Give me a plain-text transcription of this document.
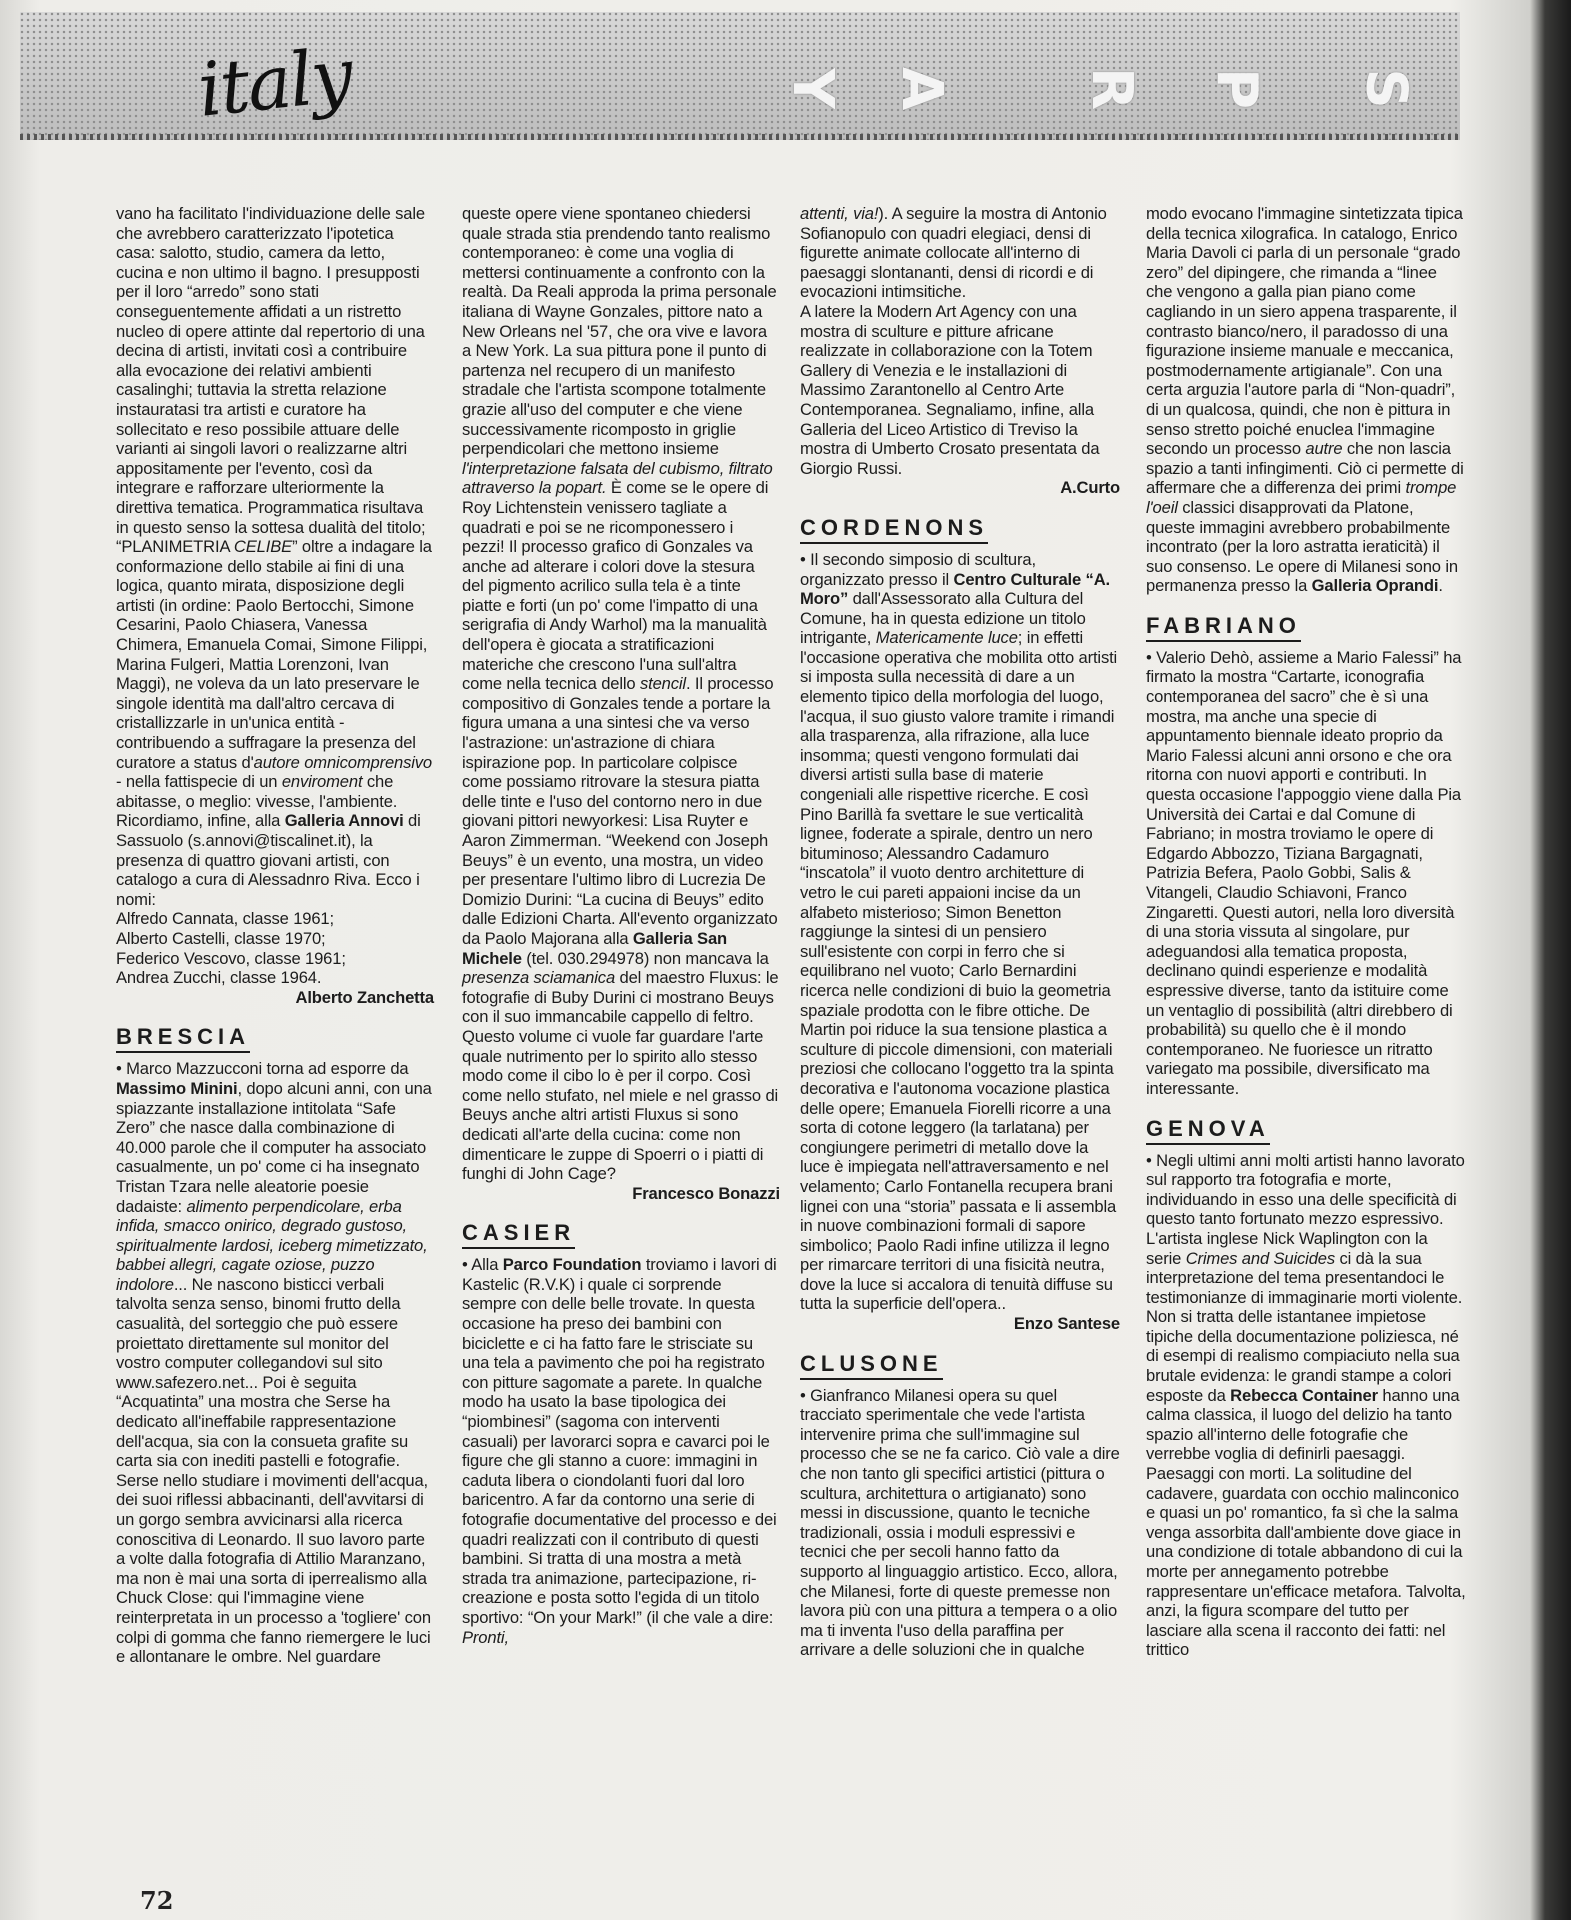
italy	Y A R P S

vano ha facilitato l'individuazione delle sale che avrebbero caratterizzato l'ipotetica casa: salotto, studio, camera da letto, cucina e non ultimo il bagno. I presupposti per il loro “arredo” sono stati conseguentemente affidati a un ristretto nucleo di opere attinte dal repertorio di una decina di artisti, invitati così a contribuire alla evocazione dei relativi ambienti casalinghi; tuttavia la stretta relazione instauratasi tra artisti e curatore ha sollecitato e reso possibile attuare delle varianti ai singoli lavori o realizzarne altri appositamente per l'evento, così da integrare e rafforzare ulteriormente la direttiva tematica. Programmatica risultava in questo senso la sottesa dualità del titolo; “PLANIMETRIA CELIBE” oltre a indagare la conformazione dello stabile ai fini di una logica, quanto mirata, disposizione degli artisti (in ordine: Paolo Bertocchi, Simone Cesarini, Paolo Chiasera, Vanessa Chimera, Emanuela Comai, Simone Filippi, Marina Fulgeri, Mattia Lorenzoni, Ivan Maggi), ne voleva da un lato preservare le singole identità ma dall'altro cercava di cristallizzarle in un'unica entità - contribuendo a suffragare la presenza del curatore a status d'autore omnicomprensivo - nella fattispecie di un enviroment che abitasse, o meglio: vivesse, l'ambiente.

Ricordiamo, infine, alla Galleria Annovi di Sassuolo (s.annovi@tiscalinet.it), la presenza di quattro giovani artisti, con catalogo a cura di Alessadnro Riva. Ecco i nomi:

Alfredo Cannata, classe 1961;

Alberto Castelli, classe 1970;

Federico Vescovo, classe 1961;

Andrea Zucchi, classe 1964.

Alberto Zanchetta

BRESCIA

• Marco Mazzucconi torna ad esporre da Massimo Minini, dopo alcuni anni, con una spiazzante installazione intitolata “Safe Zero” che nasce dalla combinazione di 40.000 parole che il computer ha associato casualmente, un po' come ci ha insegnato Tristan Tzara nelle aleatorie poesie dadaiste: alimento perpendicolare, erba infida, smacco onirico, degrado gustoso, spiritualmente lardosi, iceberg mimetizzato, babbei allegri, cagate oziose, puzzo indolore... Ne nascono bisticci verbali talvolta senza senso, binomi frutto della casualità, del sorteggio che può essere proiettato direttamente sul monitor del vostro computer collegandovi sul sito www.safezero.net... Poi è seguita “Acquatinta” una mostra che Serse ha dedicato all'ineffabile rappresentazione dell'acqua, sia con la consueta grafite su carta sia con inediti pastelli e fotografie. Serse nello studiare i movimenti dell'acqua, dei suoi riflessi abbacinanti, dell'avvitarsi di un gorgo sembra avvicinarsi alla ricerca conoscitiva di Leonardo. Il suo lavoro parte a volte dalla fotografia di Attilio Maranzano, ma non è mai una sorta di iperrealismo alla Chuck Close: qui l'immagine viene reinterpretata in un processo a 'togliere' con colpi di gomma che fanno riemergere le luci e allontanare le ombre. Nel guardare

queste opere viene spontaneo chiedersi quale strada stia prendendo tanto realismo contemporaneo: è come una voglia di mettersi continuamente a confronto con la realtà. Da Reali approda la prima personale italiana di Wayne Gonzales, pittore nato a New Orleans nel '57, che ora vive e lavora a New York. La sua pittura pone il punto di partenza nel recupero di un manifesto stradale che l'artista scompone totalmente grazie all'uso del computer e che viene successivamente ricomposto in griglie perpendicolari che mettono insieme l'interpretazione falsata del cubismo, filtrato attraverso la popart. È come se le opere di Roy Lichtenstein venissero tagliate a quadrati e poi se ne ricomponessero i pezzi! Il processo grafico di Gonzales va anche ad alterare i colori dove la stesura del pigmento acrilico sulla tela è a tinte piatte e forti (un po' come l'impatto di una serigrafia di Andy Warhol) ma la manualità dell'opera è giocata a stratificazioni materiche che crescono l'una sull'altra come nella tecnica dello stencil. Il processo compositivo di Gonzales tende a portare la figura umana a una sintesi che va verso l'astrazione: un'astrazione di chiara ispirazione pop. In particolare colpisce come possiamo ritrovare la stesura piatta delle tinte e l'uso del contorno nero in due giovani pittori newyorkesi: Lisa Ruyter e Aaron Zimmerman. “Weekend con Joseph Beuys” è un evento, una mostra, un video per presentare l'ultimo libro di Lucrezia De Domizio Durini: “La cucina di Beuys” edito dalle Edizioni Charta. All'evento organizzato da Paolo Majorana alla Galleria San Michele (tel. 030.294978) non mancava la presenza sciamanica del maestro Fluxus: le fotografie di Buby Durini ci mostrano Beuys con il suo immancabile cappello di feltro. Questo volume ci vuole far guardare l'arte quale nutrimento per lo spirito allo stesso modo come il cibo lo è per il corpo. Così come nello stufato, nel miele e nel grasso di Beuys anche altri artisti Fluxus si sono dedicati all'arte della cucina: come non dimenticare le zuppe di Spoerri o i piatti di funghi di John Cage?

Francesco Bonazzi

CASIER

• Alla Parco Foundation troviamo i lavori di Kastelic (R.V.K) i quale ci sorprende sempre con delle belle trovate. In questa occasione ha preso dei bambini con biciclette e ci ha fatto fare le strisciate su una tela a pavimento che poi ha registrato con pitture sagomate a parete. In qualche modo ha usato la base tipologica dei “piombinesi” (sagoma con interventi casuali) per lavorarci sopra e cavarci poi le figure che gli stanno a cuore: immagini in caduta libera o ciondolanti fuori dal loro baricentro. A far da contorno una serie di fotografie documentative del processo e dei quadri realizzati con il contributo di questi bambini. Si tratta di una mostra a metà strada tra animazione, partecipazione, ri-creazione e posta sotto l'egida di un titolo sportivo: “On your Mark!” (il che vale a dire: Pronti,

attenti, via!). A seguire la mostra di Antonio Sofianopulo con quadri elegiaci, densi di figurette animate collocate all'interno di paesaggi slontananti, densi di ricordi e di evocazioni intimsitiche.

A latere la Modern Art Agency con una mostra di sculture e pitture africane realizzate in collaborazione con la Totem Gallery di Venezia e le installazioni di Massimo Zarantonello al Centro Arte Contemporanea. Segnaliamo, infine, alla Galleria del Liceo Artistico di Treviso la mostra di Umberto Crosato presentata da Giorgio Russi.

A.Curto

CORDENONS

• Il secondo simposio di scultura, organizzato presso il Centro Culturale “A. Moro” dall'Assessorato alla Cultura del Comune, ha in questa edizione un titolo intrigante, Matericamente luce; in effetti l'occasione operativa che mobilita otto artisti si imposta sulla necessità di dare a un elemento tipico della morfologia del luogo, l'acqua, il suo giusto valore tramite i rimandi alla trasparenza, alla rifrazione, alla luce insomma; questi vengono formulati dai diversi artisti sulla base di materie congeniali alle rispettive ricerche. E così Pino Barillà fa svettare le sue verticalità lignee, foderate a spirale, dentro un nero bituminoso; Alessandro Cadamuro “inscatola” il vuoto dentro architetture di vetro le cui pareti appaioni incise da un alfabeto misterioso; Simon Benetton raggiunge la sintesi di un pensiero sull'esistente con corpi in ferro che si equilibrano nel vuoto; Carlo Bernardini ricerca nelle condizioni di buio la geometria spaziale prodotta con le fibre ottiche. De Martin poi riduce la sua tensione plastica a sculture di piccole dimensioni, con materiali preziosi che collocano l'oggetto tra la spinta decorativa e l'autonoma vocazione plastica delle opere; Emanuela Fiorelli ricorre a una sorta di cotone leggero (la tarlatana) per congiungere perimetri di metallo dove la luce è impiegata nell'attraversamento e nel velamento; Carlo Fontanella recupera brani lignei con una “storia” passata e li assembla in nuove combinazioni formali di sapore simbolico; Paolo Radi infine utilizza il legno per rimarcare territori di una fisicità neutra, dove la luce si accalora di tenuità diffuse su tutta la superficie dell'opera..

Enzo Santese

CLUSONE

• Gianfranco Milanesi opera su quel tracciato sperimentale che vede l'artista intervenire prima che sull'immagine sul processo che se ne fa carico. Ciò vale a dire che non tanto gli specifici artistici (pittura o scultura, architettura o artigianato) sono messi in discussione, quanto le tecniche tradizionali, ossia i moduli espressivi e tecnici che per secoli hanno fatto da supporto al linguaggio artistico. Ecco, allora, che Milanesi, forte di queste premesse non lavora più con una pittura a tempera o a olio ma ti inventa l'uso della paraffina per arrivare a delle soluzioni che in qualche

modo evocano l'immagine sintetizzata tipica della tecnica xilografica. In catalogo, Enrico Maria Davoli ci parla di un personale “grado zero” del dipingere, che rimanda a “linee che vengono a galla pian piano come cagliando in un siero appena trasparente, il contrasto bianco/nero, il paradosso di una figurazione insieme manuale e meccanica, postmodernamente artigianale”. Con una certa arguzia l'autore parla di “Non-quadri”, di un qualcosa, quindi, che non è pittura in senso stretto poiché enuclea l'immagine secondo un processo autre che non lascia spazio a tanti infingimenti. Ciò ci permette di affermare che a differenza dei primi trompe l'oeil classici disapprovati da Platone, queste immagini avrebbero probabilmente incontrato (per la loro astratta ieraticità) il suo consenso. Le opere di Milanesi sono in permanenza presso la Galleria Oprandi.

FABRIANO

• Valerio Dehò, assieme a Mario Falessi” ha firmato la mostra “Cartarte, iconografia contemporanea del sacro” che è sì una mostra, ma anche una specie di appuntamento biennale ideato proprio da Mario Falessi alcuni anni orsono e che ora ritorna con nuovi apporti e contributi. In questa occasione l'appoggio viene dalla Pia Università dei Cartai e dal Comune di Fabriano; in mostra troviamo le opere di Edgardo Abbozzo, Tiziana Bargagnati, Patrizia Befera, Paolo Gobbi, Salis & Vitangeli, Claudio Schiavoni, Franco Zingaretti. Questi autori, nella loro diversità di una storia vissuta al singolare, pur adeguandosi alla tematica proposta, declinano quindi esperienze e modalità espressive diverse, tanto da istituire come un ventaglio di possibilità (altri direbbero di probabilità) su quello che è il mondo contemporaneo. Ne fuoriesce un ritratto variegato ma possibile, diversificato ma interessante.

GENOVA

• Negli ultimi anni molti artisti hanno lavorato sul rapporto tra fotografia e morte, individuando in esso una delle specificità di questo tanto fortunato mezzo espressivo. L'artista inglese Nick Waplington con la serie Crimes and Suicides ci dà la sua interpretazione del tema presentandoci le testimonianze di immaginarie morti violente. Non si tratta delle istantanee impietose tipiche della documentazione poliziesca, né di esempi di realismo compiaciuto nella sua brutale evidenza: le grandi stampe a colori esposte da Rebecca Container hanno una calma classica, il luogo del delizio ha tanto spazio all'interno delle fotografie che verrebbe voglia di definirli paesaggi. Paesaggi con morti. La solitudine del cadavere, guardata con occhio malinconico e quasi un po' romantico, fa sì che la salma venga assorbita dall'ambiente dove giace in una condizione di totale abbandono di cui la morte per annegamento potrebbe rappresentare un'efficace metafora. Talvolta, anzi, la figura scompare del tutto per lasciare alla scena il racconto dei fatti: nel trittico

72
